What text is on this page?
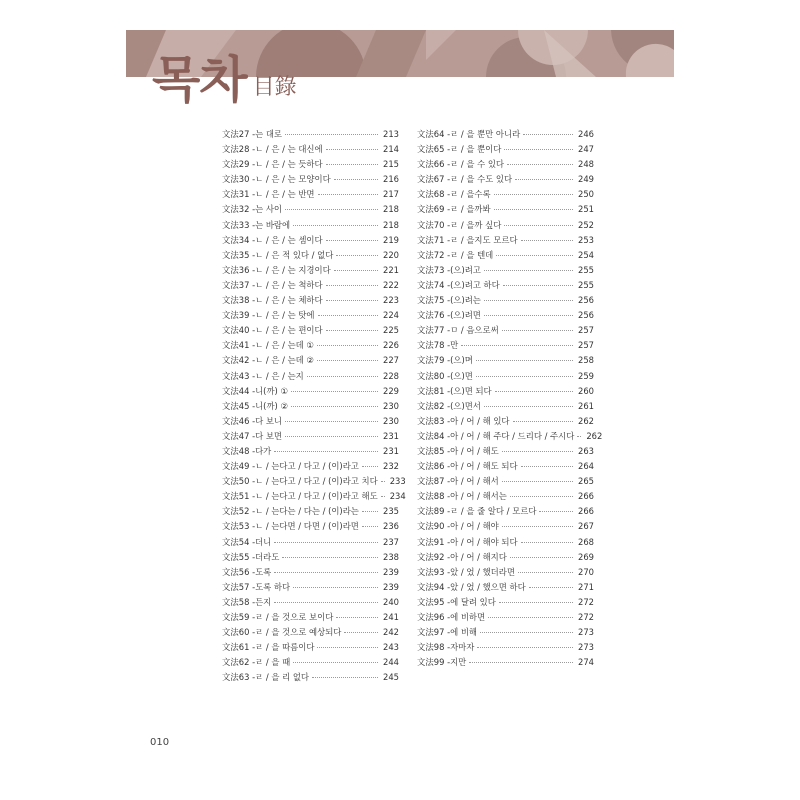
목차 目錄
文法27 -는 대로	213
文法28 -ㄴ / 은 / 는 대신에	214
文法29 -ㄴ / 은 / 는 듯하다	215
文法30 -ㄴ / 은 / 는 모양이다	216
文法31 -ㄴ / 은 / 는 반면	217
文法32 -는 사이	218
文法33 -는 바람에	218
文法34 -ㄴ / 은 / 는 셈이다	219
文法35 -ㄴ / 은 적 있다 / 없다	220
文法36 -ㄴ / 은 / 는 지경이다	221
文法37 -ㄴ / 은 / 는 척하다	222
文法38 -ㄴ / 은 / 는 체하다	223
文法39 -ㄴ / 은 / 는 탓에	224
文法40 -ㄴ / 은 / 는 편이다	225
文法41 -ㄴ / 은 / 는데 ①	226
文法42 -ㄴ / 은 / 는데 ②	227
文法43 -ㄴ / 은 / 는지	228
文法44 -니(까) ①	229
文法45 -니(까) ②	230
文法46 -다 보니	230
文法47 -다 보면	231
文法48 -다가	231
文法49 -ㄴ / 는다고 / 다고 / (이)라고	232
文法50 -ㄴ / 는다고 / 다고 / (이)라고 치다 233
文法51 -ㄴ / 는다고 / 다고 / (이)라고 해도 234
文法52 -ㄴ / 는다는 / 다는 / (이)라는	235
文法53 -ㄴ / 는다면 / 다면 / (이)라면	236
文法54 -더니	237
文法55 -더라도	238
文法56 -도록	239
文法57 -도록 하다	239
文法58 -든지	240
文法59 -ㄹ / 을 것으로 보이다	241
文法60 -ㄹ / 을 것으로 예상되다	242
文法61 -ㄹ / 을 따름이다	243
文法62 -ㄹ / 을 때	244
文法63 -ㄹ / 을 리 없다	245
文法64 -ㄹ / 을 뿐만 아니라	246
文法65 -ㄹ / 을 뿐이다	247
文法66 -ㄹ / 을 수 있다	248
文法67 -ㄹ / 을 수도 있다	249
文法68 -ㄹ / 을수록	250
文法69 -ㄹ / 을까봐	251
文法70 -ㄹ / 을까 싶다	252
文法71 -ㄹ / 을지도 모르다	253
文法72 -ㄹ / 을 텐데	254
文法73 -(으)려고	255
文法74 -(으)려고 하다	255
文法75 -(으)려는	256
文法76 -(으)려면	256
文法77 -ㅁ / 음으로써	257
文法78 -만	257
文法79 -(으)며	258
文法80 -(으)면	259
文法81 -(으)면 되다	260
文法82 -(으)면서	261
文法83 -아 / 어 / 해 있다	262
文法84 -아 / 어 / 해 주다 / 드리다 / 주시다 262
文法85 -아 / 어 / 해도	263
文法86 -아 / 어 / 해도 되다	264
文法87 -아 / 어 / 해서	265
文法88 -아 / 어 / 해서는	266
文法89 -ㄹ / 을 줄 알다 / 모르다	266
文法90 -아 / 어 / 해야	267
文法91 -아 / 어 / 해야 되다	268
文法92 -아 / 어 / 해지다	269
文法93 -았 / 었 / 했더라면	270
文法94 -았 / 었 / 했으면 하다	271
文法95 -에 달려 있다	272
文法96 -에 비하면	272
文法97 -에 비해	273
文法98 -자마자	273
文法99 -지만	274
010
